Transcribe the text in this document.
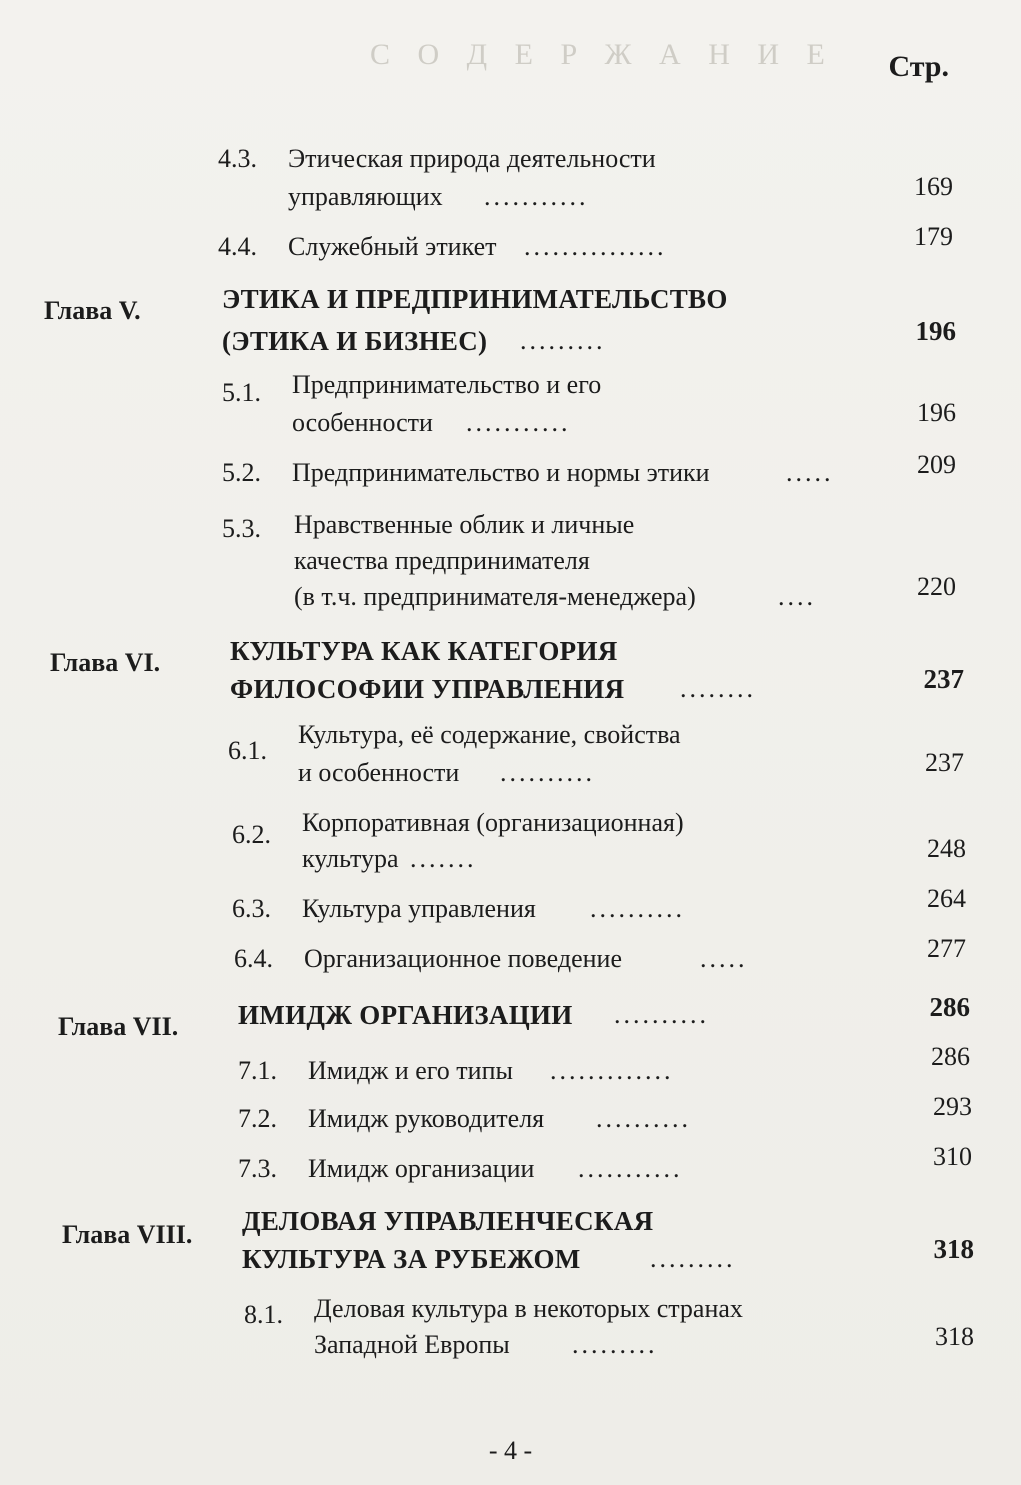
С О Д Е Р Ж А Н И Е Стр.
4.3. Этическая природа деятельности
управляющих ...........	169
4.4. Служебный этикет ...............	179
Глава V.	ЭТИКА И ПРЕДПРИНИМАТЕЛЬСТВО
(ЭТИКА И БИЗНЕС) .........	196
5.1. Предпринимательство и его
особенности ...........	196
5.2. Предпринимательство и нормы этики	.....	209
5.3. Нравственные облик и личные
качества предпринимателя
(в т.ч. предпринимателя-менеджера)	....	220
Глава VI.	КУЛЬТУРА КАК КАТЕГОРИЯ
ФИЛОСОФИИ УПРАВЛЕНИЯ ........	237
6.1.
Культура, её содержание, свойства
и особенности ..........	237
6.2. Корпоративная (организационная)
культура .......	248
6.3. Культура управления ..........	264
6.4. Организационное поведение	.....	277
Глава VII. ИМИДЖ ОРГАНИЗАЦИИ ..........	286
7.1. Имидж и его типы .............	286
7.2. Имидж руководителя ..........	293
7.3. Имидж организации ...........	310
Глава VIII. ДЕЛОВАЯ УПРАВЛЕНЧЕСКАЯ
КУЛЬТУРА ЗА РУБЕЖОМ	.........	318
8.1. Деловая культура в некоторых странах
Западной Европы .........	318
- 4 -
